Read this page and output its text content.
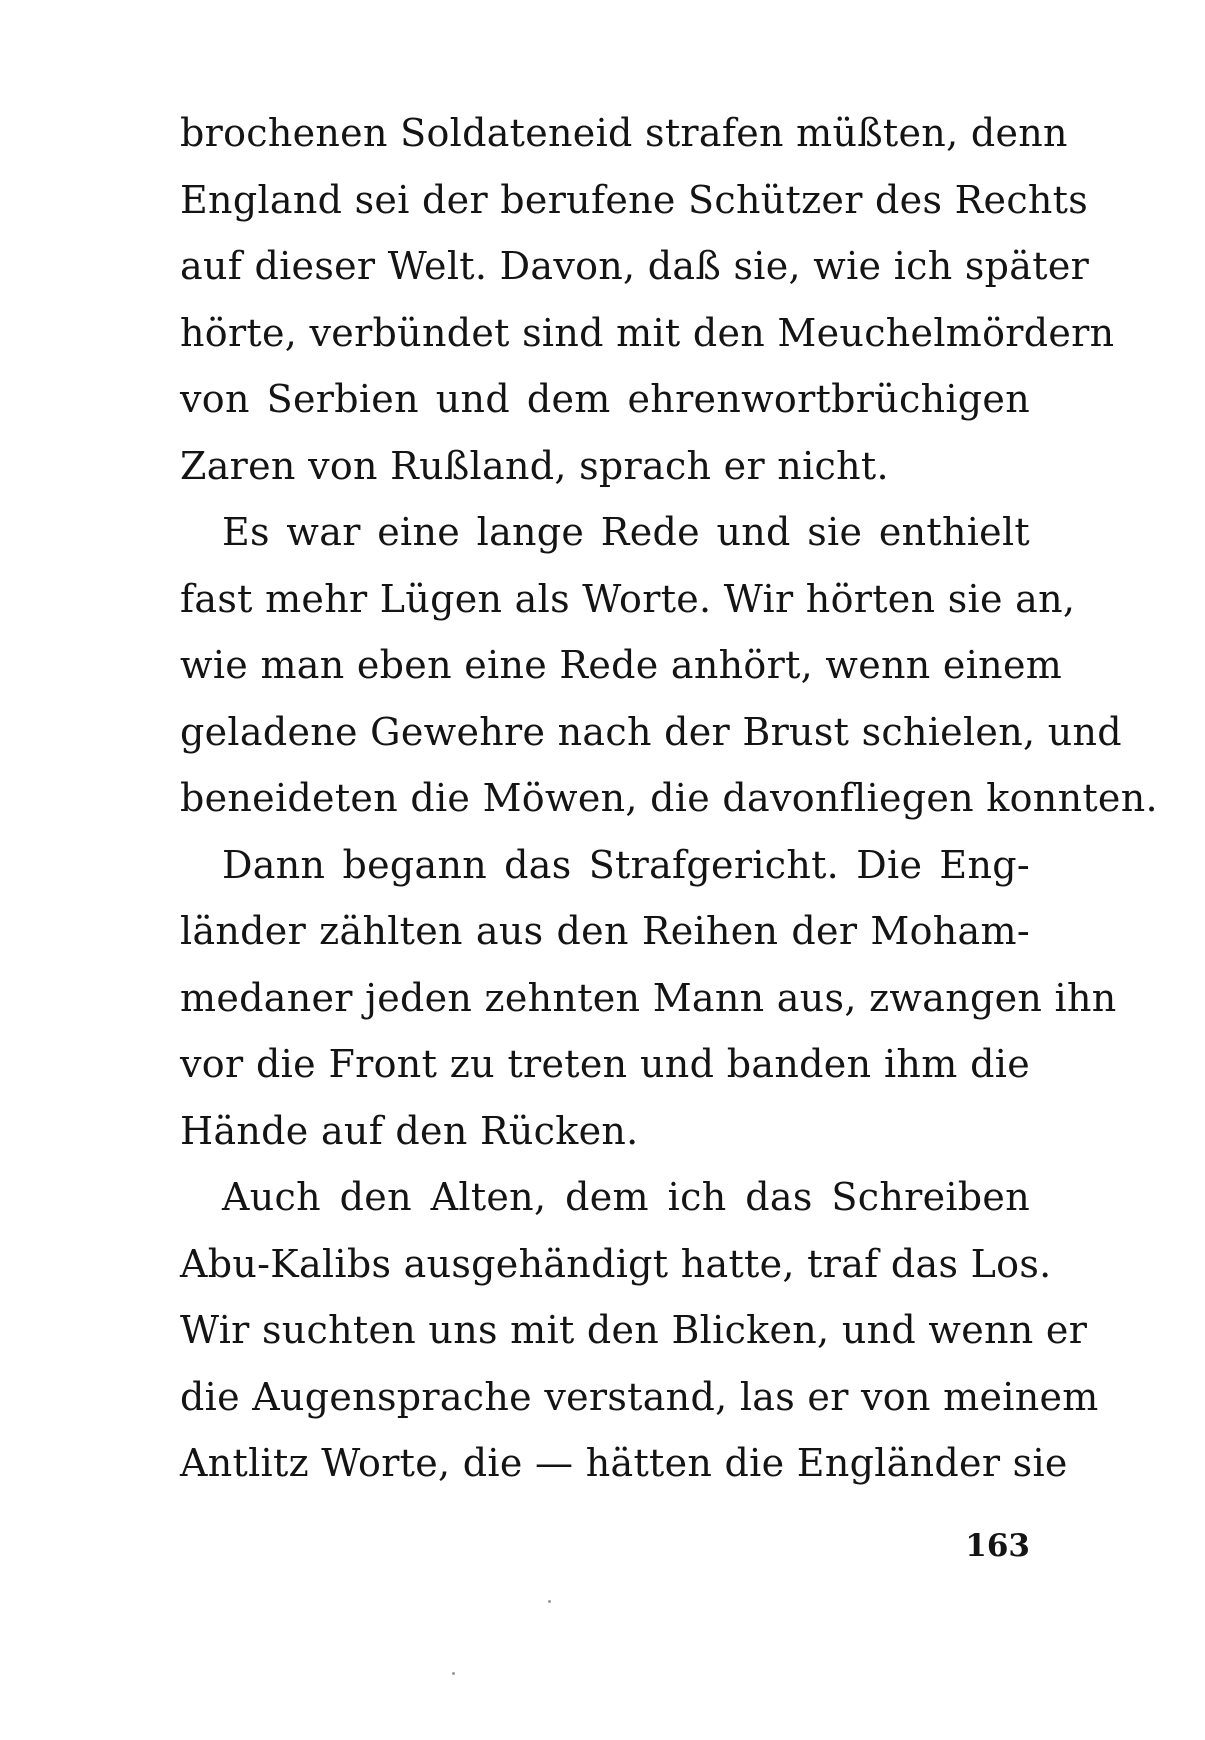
brochenen Soldateneid strafen müßten, denn
England sei der berufene Schützer des Rechts
auf dieser Welt. Davon, daß sie, wie ich später
hörte, verbündet sind mit den Meuchelmördern
von Serbien und dem ehrenwortbrüchigen
Zaren von Rußland, sprach er nicht.
Es war eine lange Rede und sie enthielt
fast mehr Lügen als Worte. Wir hörten sie an,
wie man eben eine Rede anhört, wenn einem
geladene Gewehre nach der Brust schielen, und
beneideten die Möwen, die davonfliegen konnten.
Dann begann das Strafgericht. Die Eng-
länder zählten aus den Reihen der Moham-
medaner jeden zehnten Mann aus, zwangen ihn
vor die Front zu treten und banden ihm die
Hände auf den Rücken.
Auch den Alten, dem ich das Schreiben
Abu-Kalibs ausgehändigt hatte, traf das Los.
Wir suchten uns mit den Blicken, und wenn er
die Augensprache verstand, las er von meinem
Antlitz Worte, die — hätten die Engländer sie
163
